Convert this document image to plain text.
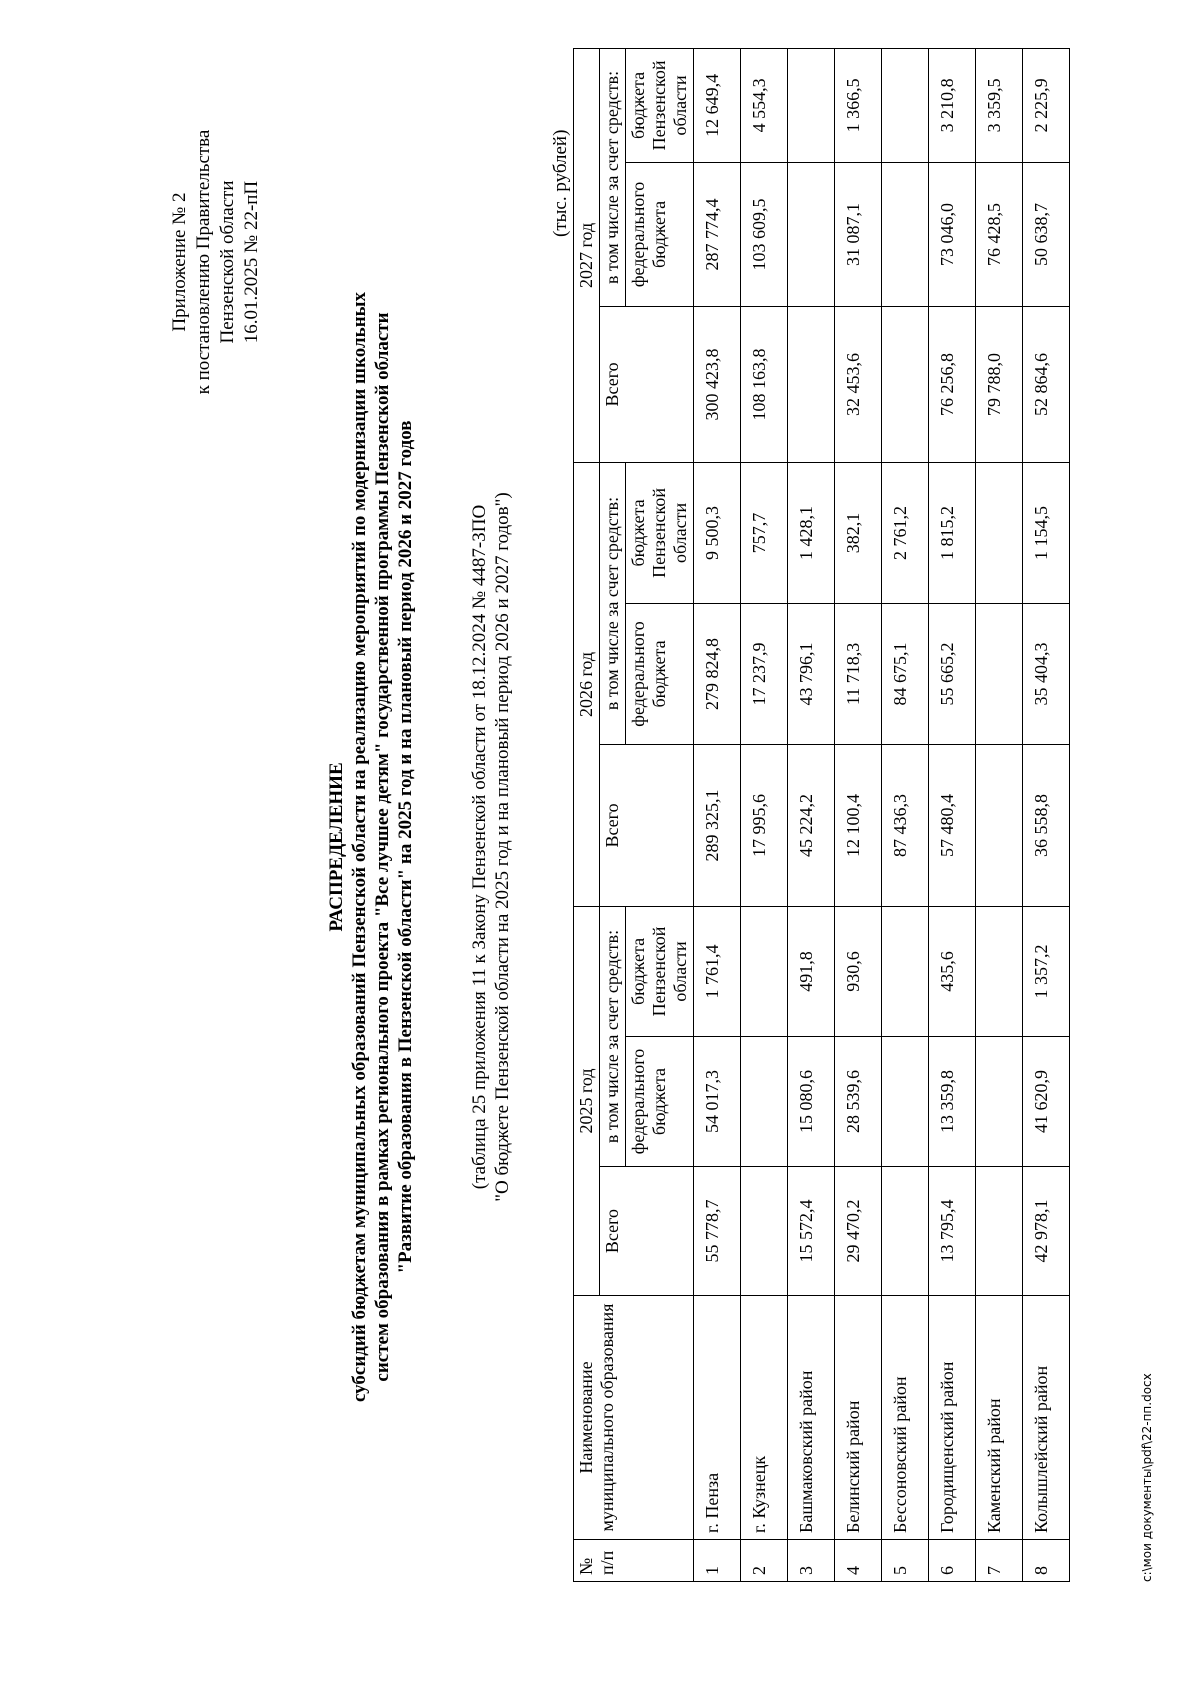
Приложение № 2 к постановлению Правительства Пензенской области 16.01.2025 № 22-пП
РАСПРЕДЕЛЕНИЕ субсидий бюджетам муниципальных образований Пензенской области на реализацию мероприятий по модернизации школьных систем образования в рамках регионального проекта "Все лучшее детям" государственной программы Пензенской области "Развитие образования в Пензенской области" на 2025 год и на плановый период 2026 и 2027 годов	(таблица 25 приложения 11 к Закону Пензенской области от 18.12.2024 № 4487-ЗПО "О бюджете Пензенской области на 2025 год и на плановый период 2026 и 2027 годов")
(тыс. рублей)
№ п/п	Наименование муниципального образования	2025 год			2026 год			2027 год		
		Всего	в том числе за счет средств:		Всего	в том числе за счет средств:		Всего	в том числе за счет средств:	
			федерального бюджета	бюджета Пензенской области		федерального бюджета	бюджета Пензенской области		федерального бюджета	бюджета Пензенской области
1	г. Пенза	55 778,7	54 017,3	1 761,4	289 325,1	279 824,8	9 500,3	300 423,8	287 774,4	12 649,4
2	г. Кузнецк				17 995,6	17 237,9	757,7	108 163,8	103 609,5	4 554,3
3	Башмаковский район	15 572,4	15 080,6	491,8	45 224,2	43 796,1	1 428,1			
4	Белинский район	29 470,2	28 539,6	930,6	12 100,4	11 718,3	382,1	32 453,6	31 087,1	1 366,5
5	Бессоновский район				87 436,3	84 675,1	2 761,2			
6	Городищенский район	13 795,4	13 359,8	435,6	57 480,4	55 665,2	1 815,2	76 256,8	73 046,0	3 210,8
7	Каменский район							79 788,0	76 428,5	3 359,5
8	Колышлейский район	42 978,1	41 620,9	1 357,2	36 558,8	35 404,3	1 154,5	52 864,6	50 638,7	2 225,9
c:\мои документы\pdf\22-пп.docx
